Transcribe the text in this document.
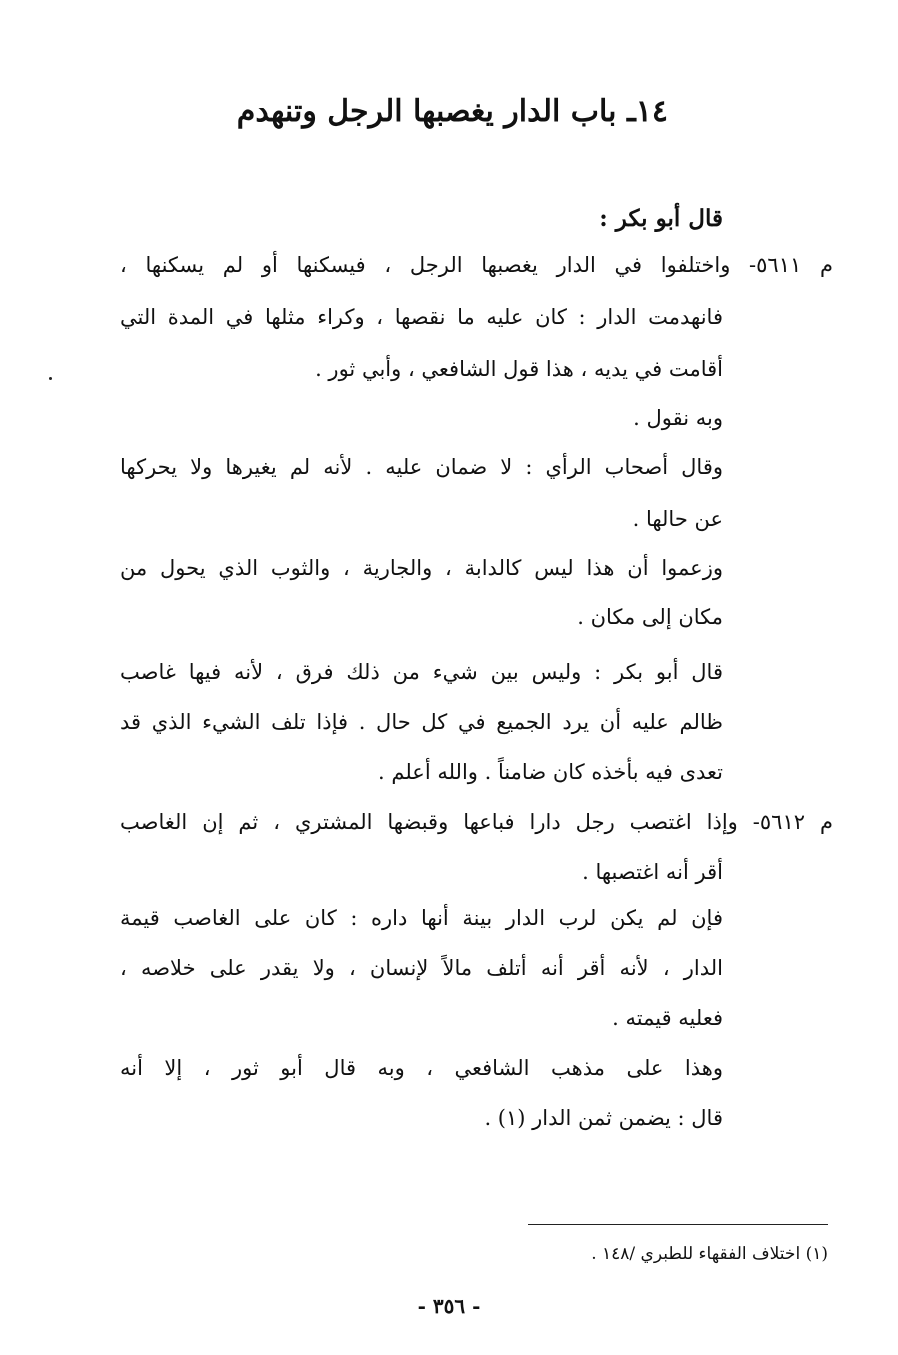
١٤ـ باب الدار يغصبها الرجل وتنهدم
قال أبو بكر :
م ٥٦١١- واختلفوا في الدار يغصبها الرجل ، فيسكنها أو لم يسكنها ،
فانهدمت الدار : كان عليه ما نقصها ، وكراء مثلها في المدة التي
أقامت في يديه ، هذا قول الشافعي ، وأبي ثور .
وبه نقول .
وقال أصحاب الرأي : لا ضمان عليه . لأنه لم يغيرها ولا يحركها
عن حالها .
وزعموا أن هذا ليس كالدابة ، والجارية ، والثوب الذي يحول من
مكان إلى مكان .
قال أبو بكر : وليس بين شيء من ذلك فرق ، لأنه فيها غاصب
ظالم عليه أن يرد الجميع في كل حال . فإذا تلف الشيء الذي قد
تعدى فيه بأخذه كان ضامناً . والله أعلم .
م ٥٦١٢- وإذا اغتصب رجل دارا فباعها وقبضها المشتري ، ثم إن الغاصب
أقر أنه اغتصبها .
فإن لم يكن لرب الدار بينة أنها داره : كان على الغاصب قيمة
الدار ، لأنه أقر أنه أتلف مالاً لإنسان ، ولا يقدر على خلاصه ،
فعليه قيمته .
وهذا على مذهب الشافعي ، وبه قال أبو ثور ، إلا أنه
قال : يضمن ثمن الدار (١) .
(١) اختلاف الفقهاء للطبري /١٤٨ .
- ٣٥٦ -
